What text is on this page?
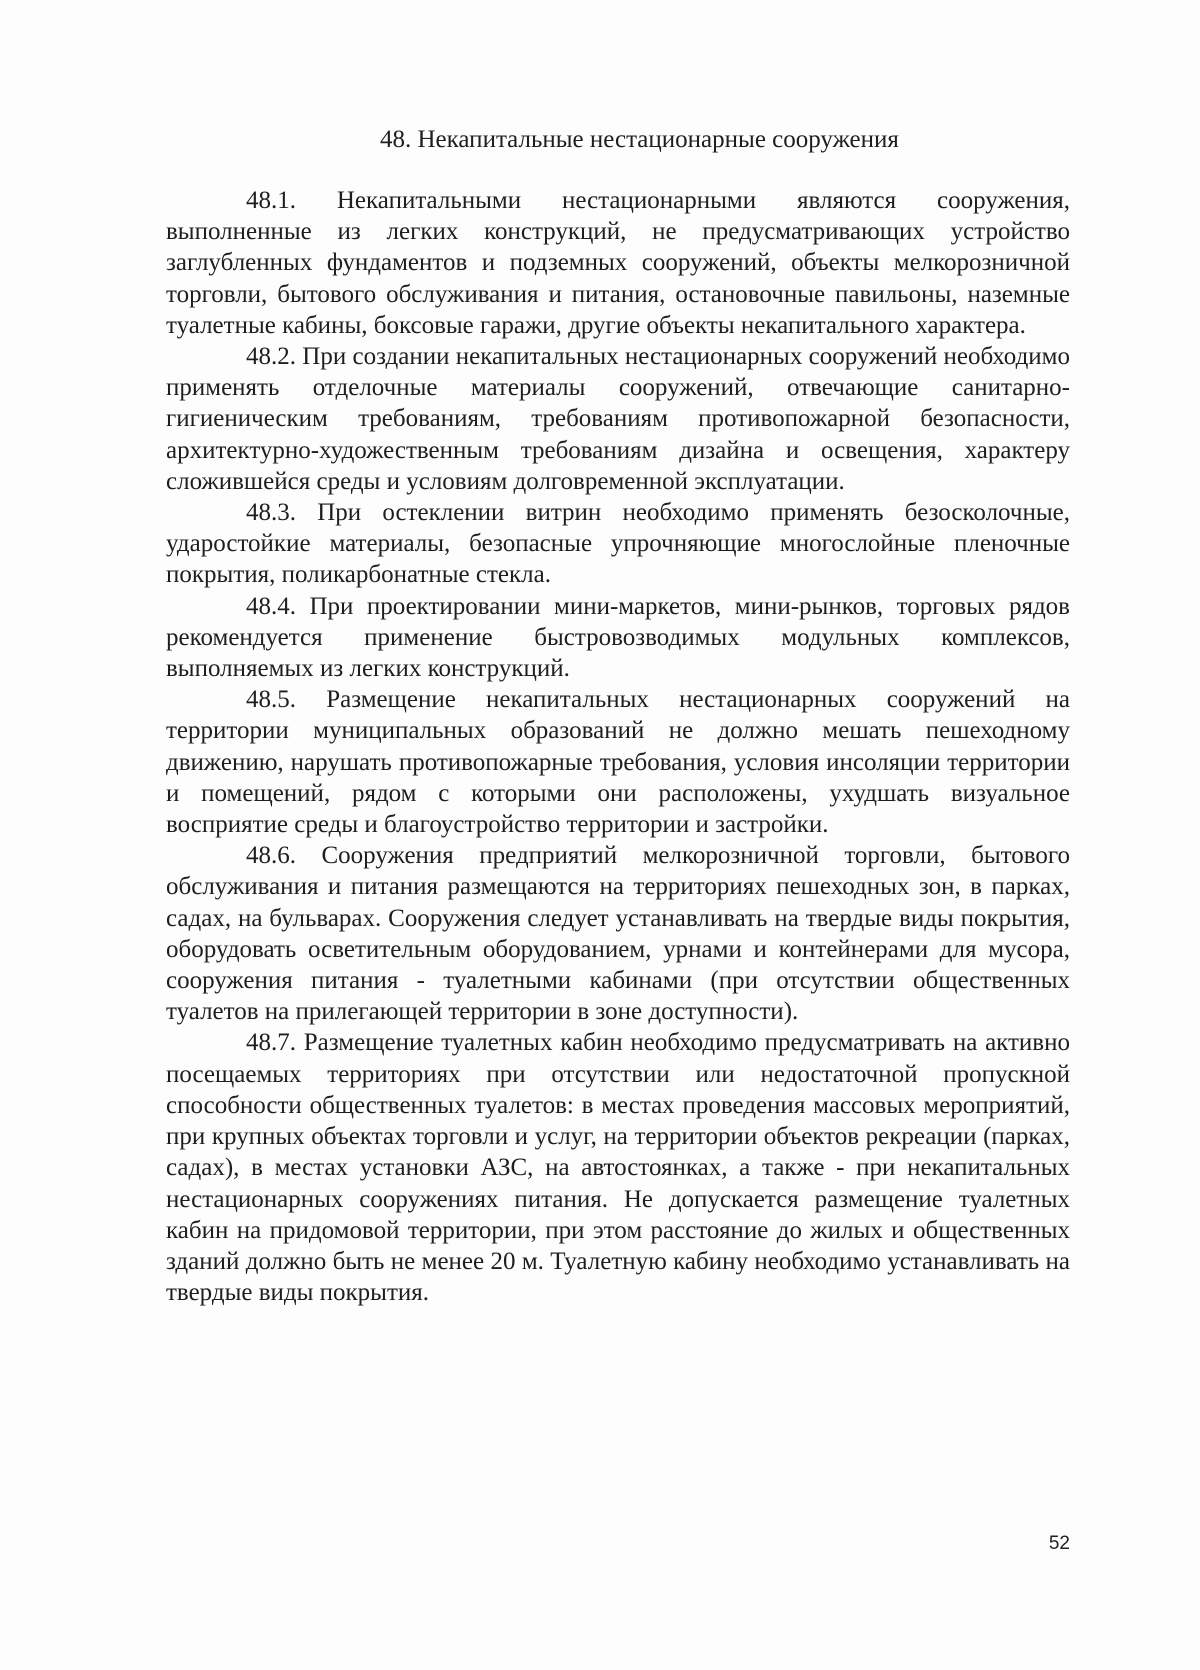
48. Некапитальные нестационарные сооружения

48.1. Некапитальными нестационарными являются сооружения, выполненные из легких конструкций, не предусматривающих устройство заглубленных фундаментов и подземных сооружений, объекты мелкорозничной торговли, бытового обслуживания и питания, остановочные павильоны, наземные туалетные кабины, боксовые гаражи, другие объекты некапитального характера.

48.2. При создании некапитальных нестационарных сооружений необходимо применять отделочные материалы сооружений, отвечающие санитарно-гигиеническим требованиям, требованиям противопожарной безопасности, архитектурно-художественным требованиям дизайна и освещения, характеру сложившейся среды и условиям долговременной эксплуатации.

48.3. При остеклении витрин необходимо применять безосколочные, ударостойкие материалы, безопасные упрочняющие многослойные пленочные покрытия, поликарбонатные стекла.

48.4. При проектировании мини-маркетов, мини-рынков, торговых рядов рекомендуется применение быстровозводимых модульных комплексов, выполняемых из легких конструкций.

48.5. Размещение некапитальных нестационарных сооружений на территории муниципальных образований не должно мешать пешеходному движению, нарушать противопожарные требования, условия инсоляции территории и помещений, рядом с которыми они расположены, ухудшать визуальное восприятие среды и благоустройство территории и застройки.

48.6. Сооружения предприятий мелкорозничной торговли, бытового обслуживания и питания размещаются на территориях пешеходных зон, в парках, садах, на бульварах. Сооружения следует устанавливать на твердые виды покрытия, оборудовать осветительным оборудованием, урнами и контейнерами для мусора, сооружения питания - туалетными кабинами (при отсутствии общественных туалетов на прилегающей территории в зоне доступности).

48.7. Размещение туалетных кабин необходимо предусматривать на активно посещаемых территориях при отсутствии или недостаточной пропускной способности общественных туалетов: в местах проведения массовых мероприятий, при крупных объектах торговли и услуг, на территории объектов рекреации (парках, садах), в местах установки АЗС, на автостоянках, а также - при некапитальных нестационарных сооружениях питания. Не допускается размещение туалетных кабин на придомовой территории, при этом расстояние до жилых и общественных зданий должно быть не менее 20 м. Туалетную кабину необходимо устанавливать на твердые виды покрытия.

52
